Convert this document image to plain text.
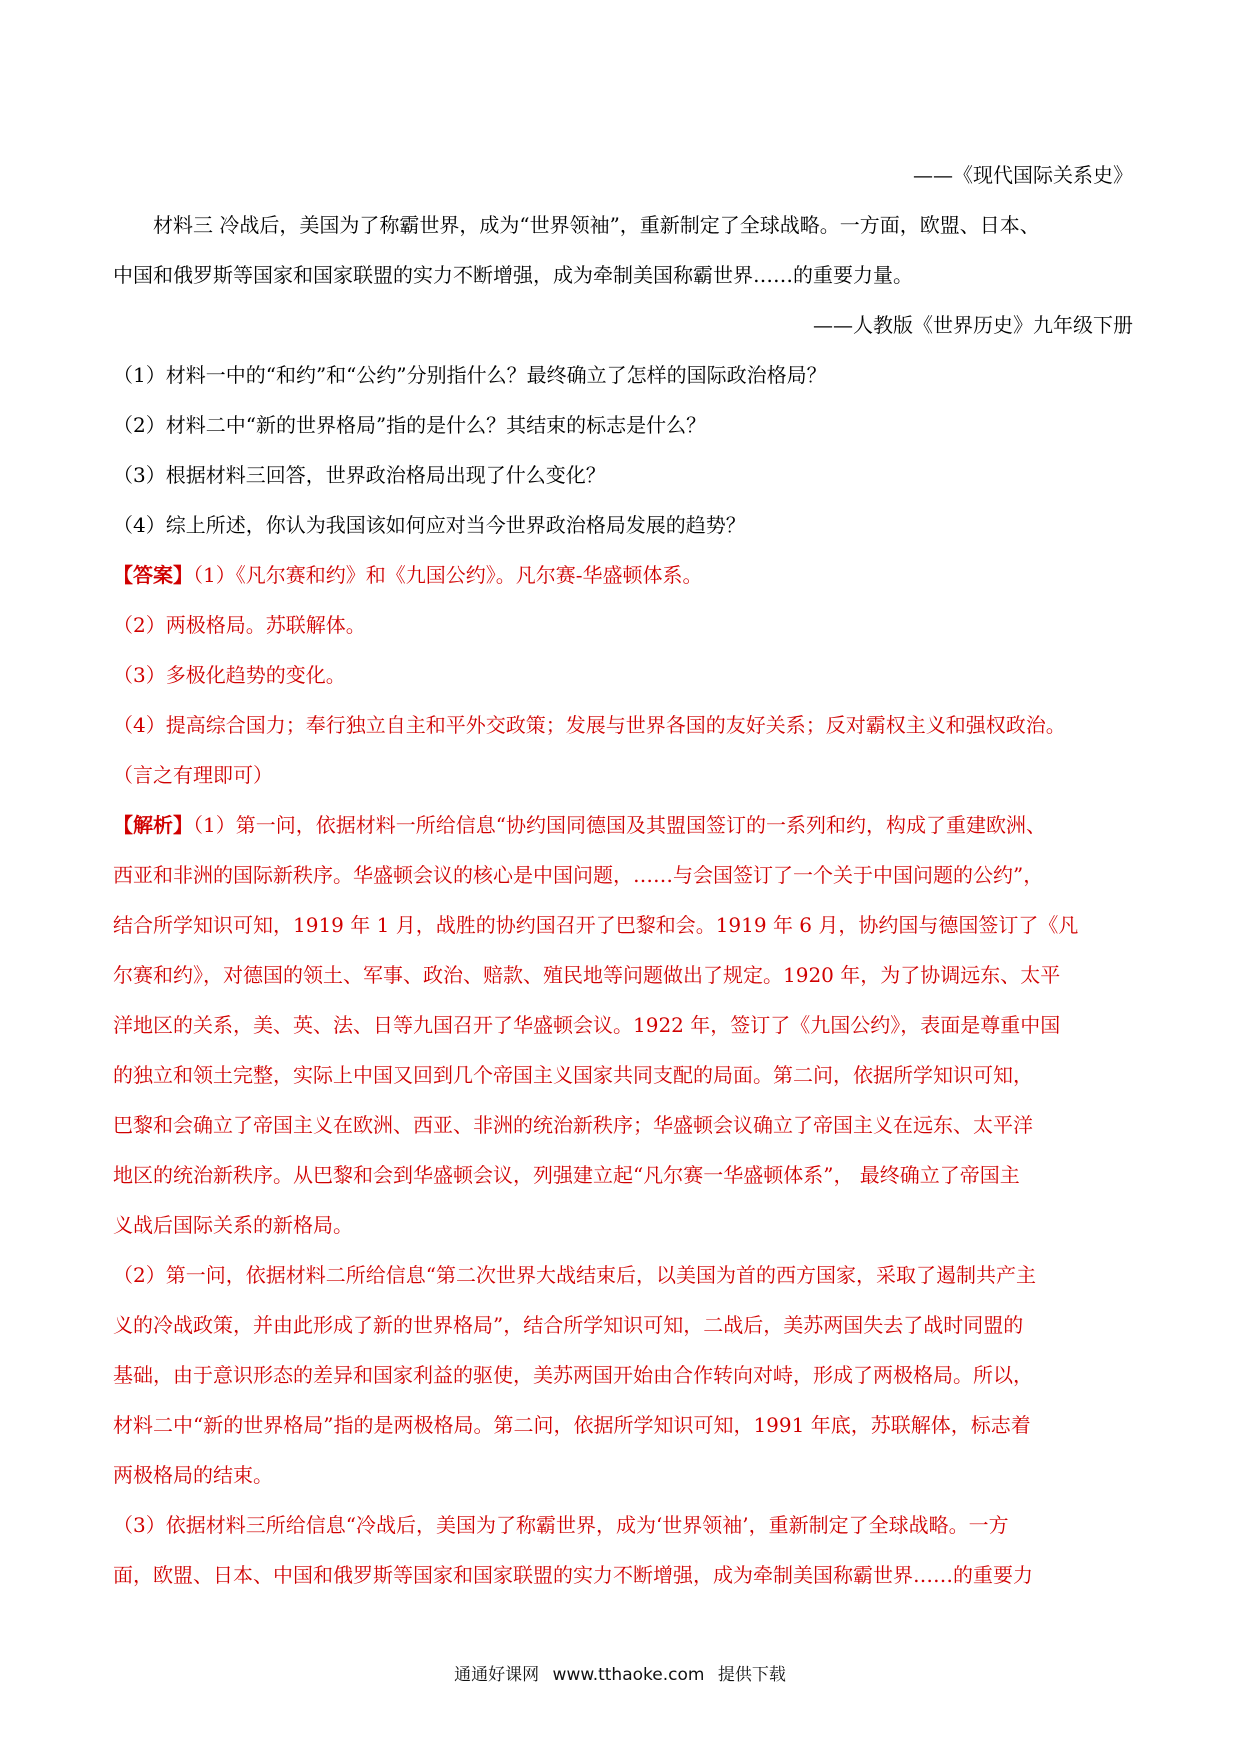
——《现代国际关系史》
材料三 冷战后，美国为了称霸世界，成为“世界领袖”，重新制定了全球战略。一方面，欧盟、日本、
中国和俄罗斯等国家和国家联盟的实力不断增强，成为牵制美国称霸世界……的重要力量。
——人教版《世界历史》九年级下册
（1）材料一中的“和约”和“公约”分别指什么？最终确立了怎样的国际政治格局？
（2）材料二中“新的世界格局”指的是什么？其结束的标志是什么？
（3）根据材料三回答，世界政治格局出现了什么变化？
（4）综上所述，你认为我国该如何应对当今世界政治格局发展的趋势？
【答案】（1）《凡尔赛和约》和《九国公约》。凡尔赛-华盛顿体系。
（2）两极格局。苏联解体。
（3）多极化趋势的变化。
（4）提高综合国力；奉行独立自主和平外交政策；发展与世界各国的友好关系；反对霸权主义和强权政治。
（言之有理即可）
【解析】（1）第一问，依据材料一所给信息“协约国同德国及其盟国签订的一系列和约，构成了重建欧洲、
西亚和非洲的国际新秩序。华盛顿会议的核心是中国问题，……与会国签订了一个关于中国问题的公约”，
结合所学知识可知，1919 年 1 月，战胜的协约国召开了巴黎和会。1919 年 6 月，协约国与德国签订了《凡
尔赛和约》，对德国的领土、军事、政治、赔款、殖民地等问题做出了规定。1920 年，为了协调远东、太平
洋地区的关系，美、英、法、日等九国召开了华盛顿会议。1922 年，签订了《九国公约》，表面是尊重中国
的独立和领土完整，实际上中国又回到几个帝国主义国家共同支配的局面。第二问，依据所学知识可知，
巴黎和会确立了帝国主义在欧洲、西亚、非洲的统治新秩序；华盛顿会议确立了帝国主义在远东、太平洋
地区的统治新秩序。从巴黎和会到华盛顿会议，列强建立起“凡尔赛一华盛顿体系”， 最终确立了帝国主
义战后国际关系的新格局。
（2）第一问，依据材料二所给信息“第二次世界大战结束后，以美国为首的西方国家，采取了遏制共产主
义的冷战政策，并由此形成了新的世界格局”，结合所学知识可知，二战后，美苏两国失去了战时同盟的
基础，由于意识形态的差异和国家利益的驱使，美苏两国开始由合作转向对峙，形成了两极格局。所以，
材料二中“新的世界格局”指的是两极格局。第二问，依据所学知识可知，1991 年底，苏联解体，标志着
两极格局的结束。
（3）依据材料三所给信息“冷战后，美国为了称霸世界，成为‘世界领袖’，重新制定了全球战略。一方
面，欧盟、日本、中国和俄罗斯等国家和国家联盟的实力不断增强，成为牵制美国称霸世界……的重要力
通通好课网 www.tthaoke.com 提供下载
